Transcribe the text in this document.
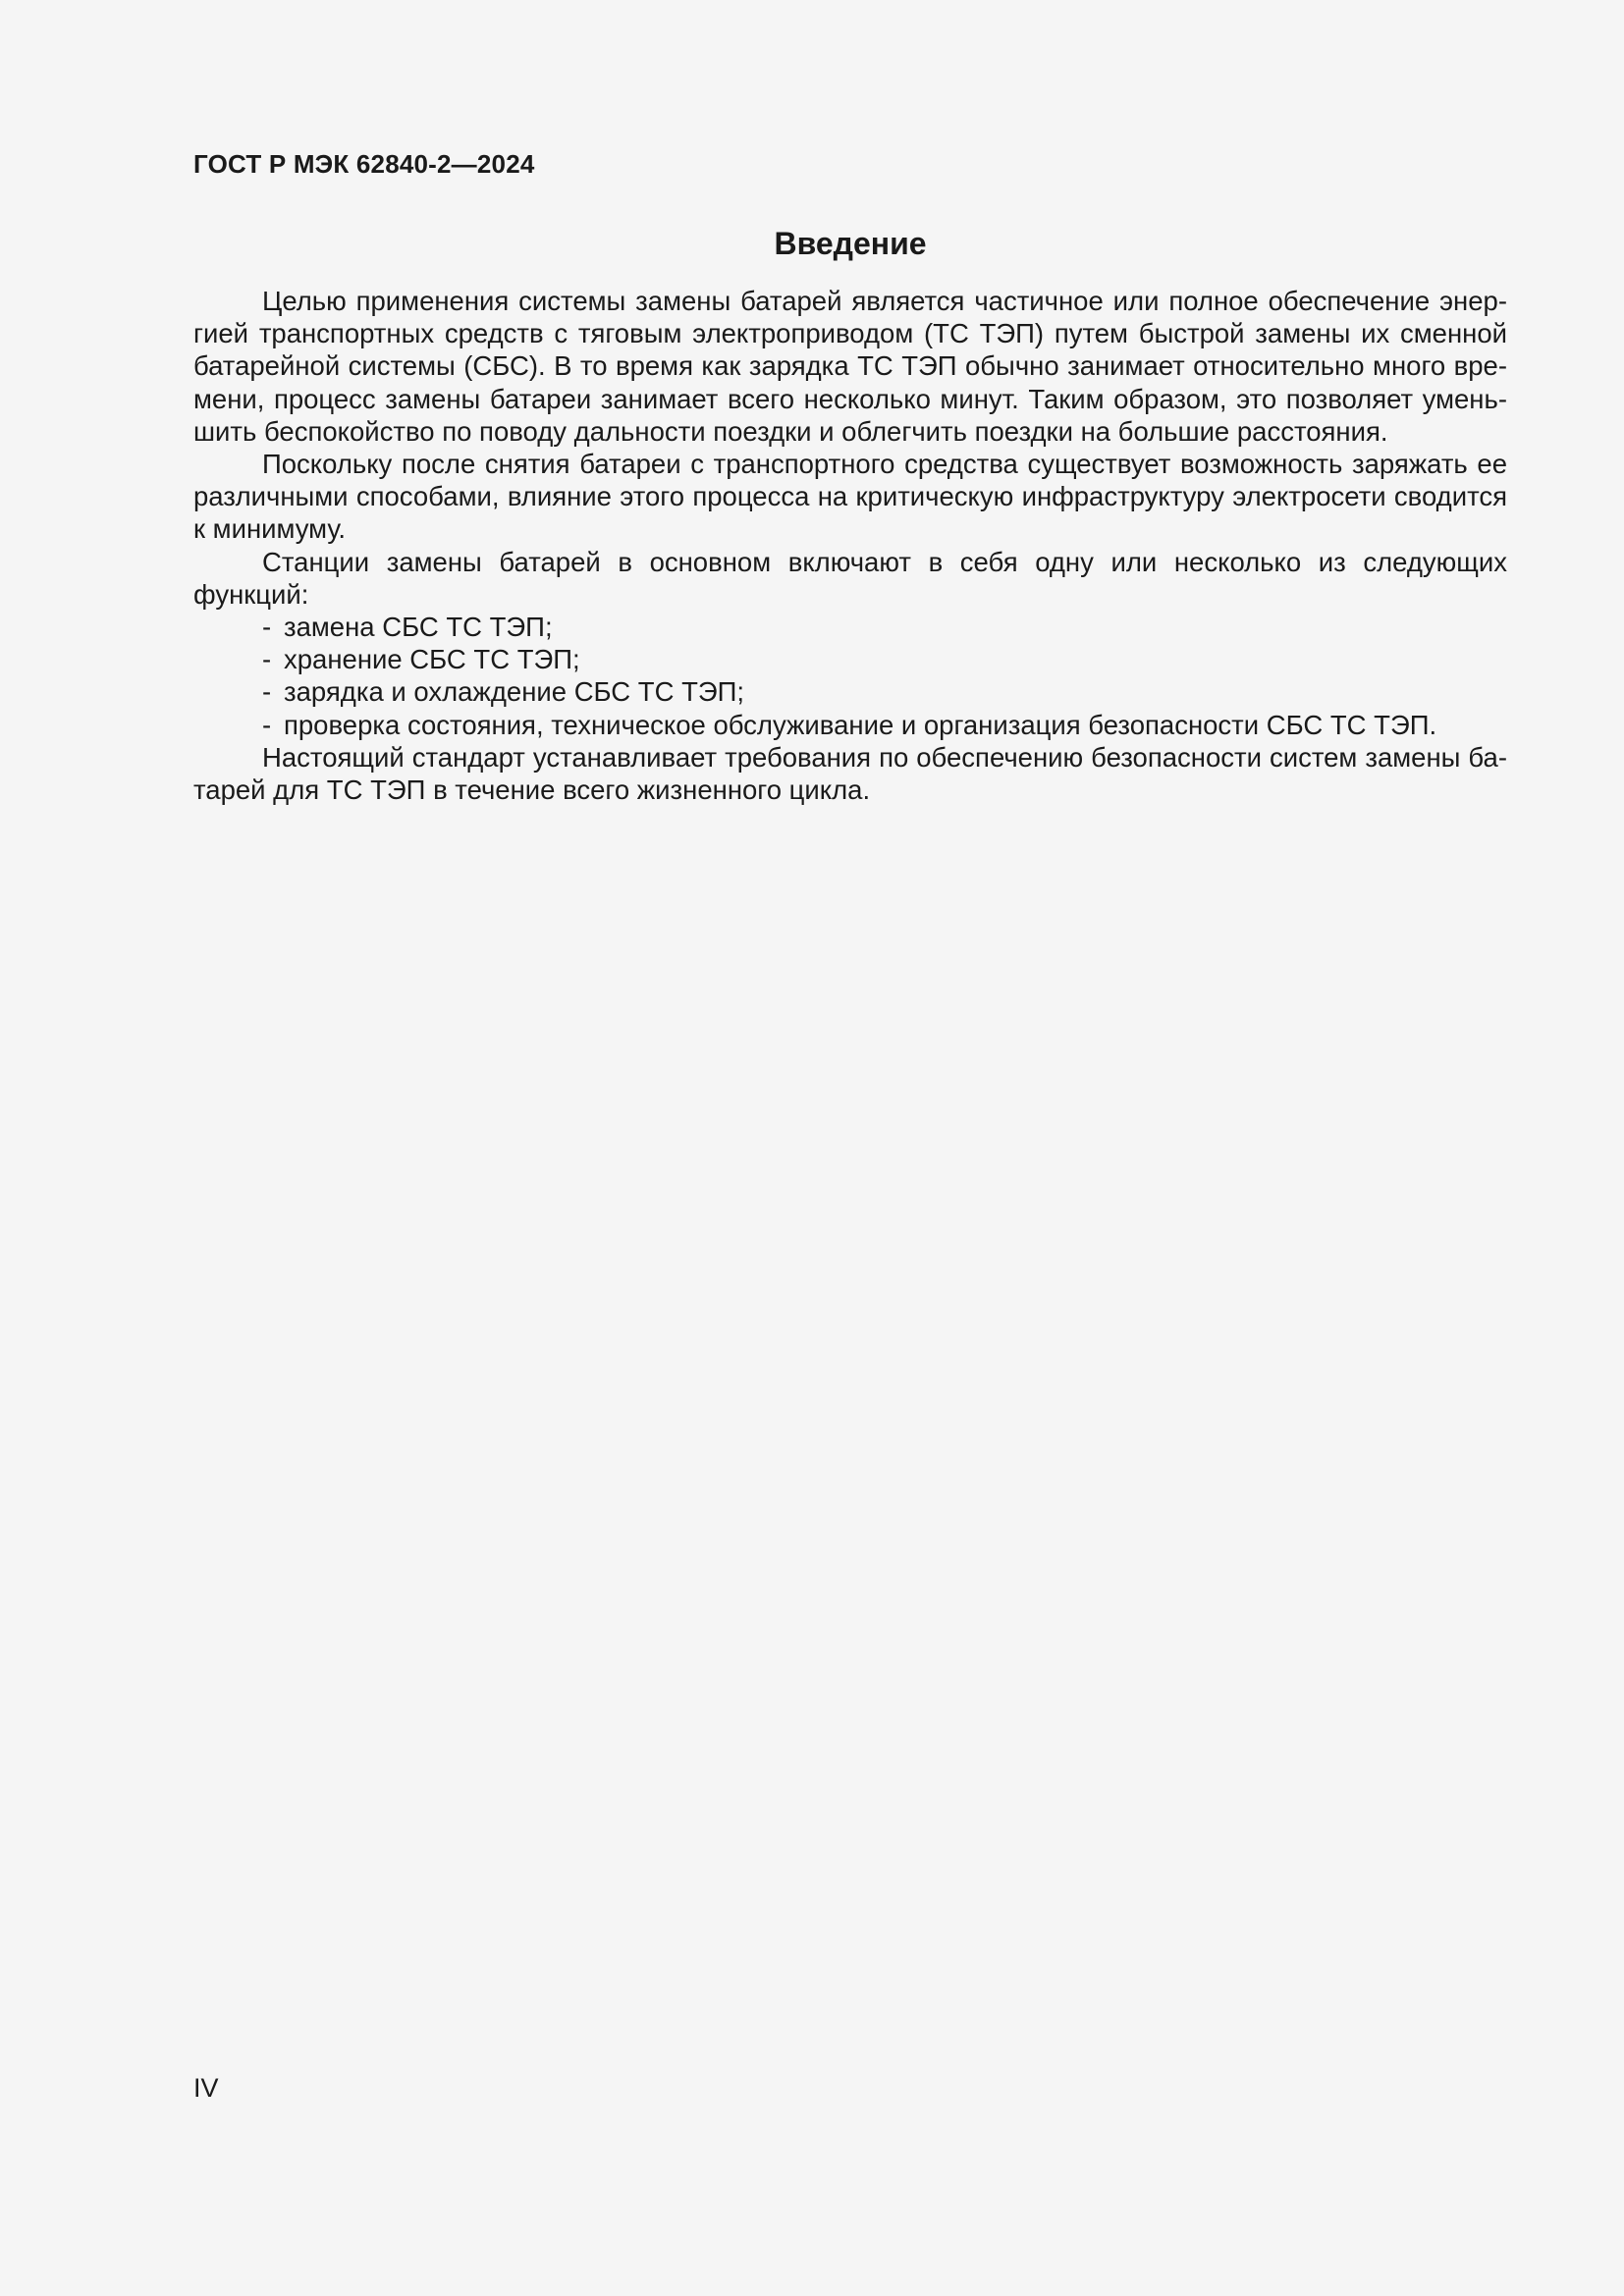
ГОСТ Р МЭК 62840-2—2024
Введение

Целью применения системы замены батарей является частичное или полное обеспечение энергией транспортных средств с тяговым электроприводом (ТС ТЭП) путем быстрой замены их сменной батарейной системы (СБС). В то время как зарядка ТС ТЭП обычно занимает относительно много времени, процесс замены батареи занимает всего несколько минут. Таким образом, это позволяет уменьшить беспокойство по поводу дальности поездки и облегчить поездки на большие расстояния.

Поскольку после снятия батареи с транспортного средства существует возможность заряжать ее различными способами, влияние этого процесса на критическую инфраструктуру электросети сводится к минимуму.

Станции замены батарей в основном включают в себя одну или несколько из следующих функций:

- замена СБС ТС ТЭП;
- хранение СБС ТС ТЭП;
- зарядка и охлаждение СБС ТС ТЭП;
- проверка состояния, техническое обслуживание и организация безопасности СБС ТС ТЭП.

Настоящий стандарт устанавливает требования по обеспечению безопасности систем замены батарей для ТС ТЭП в течение всего жизненного цикла.

IV
